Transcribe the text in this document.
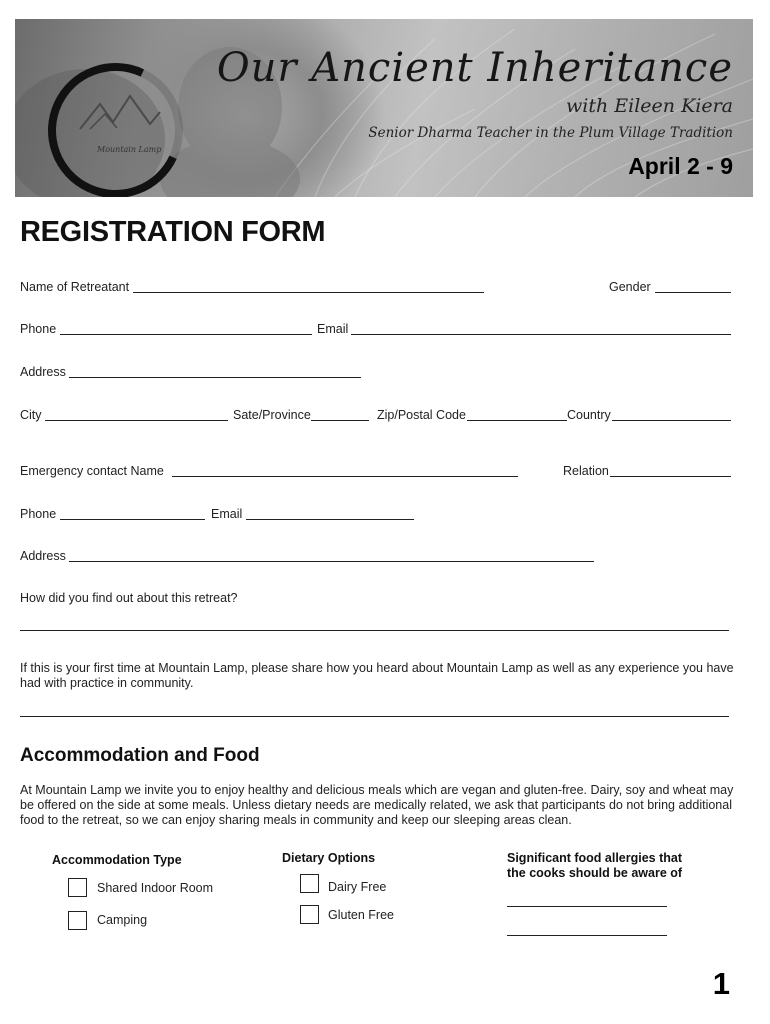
Mountain Lamp
Our Ancient Inheritance
with Eileen Kiera
Senior Dharma Teacher in the Plum Village Tradition
April 2 - 9
REGISTRATION FORM
Name of Retreatant	Gender
Phone	Email
Address
City	Sate/Province	Zip/Postal Code	Country
Emergency contact Name	Relation
Phone	Email
Address
How did you find out about this retreat?
If this is your first time at Mountain Lamp, please share how you heard about Mountain Lamp as well as any experience you have had with practice in community.
Accommodation and Food
At Mountain Lamp we invite you to enjoy healthy and delicious meals which are vegan and gluten-free. Dairy, soy and wheat may be offered on the side at some meals. Unless dietary needs are medically related, we ask that participants do not bring additional food to the retreat, so we can enjoy sharing meals in community and keep our sleeping areas clean.
Accommodation Type
Shared Indoor Room
Camping
Dietary Options
Dairy Free
Gluten Free
Significant food allergies that the cooks should be aware of
1
